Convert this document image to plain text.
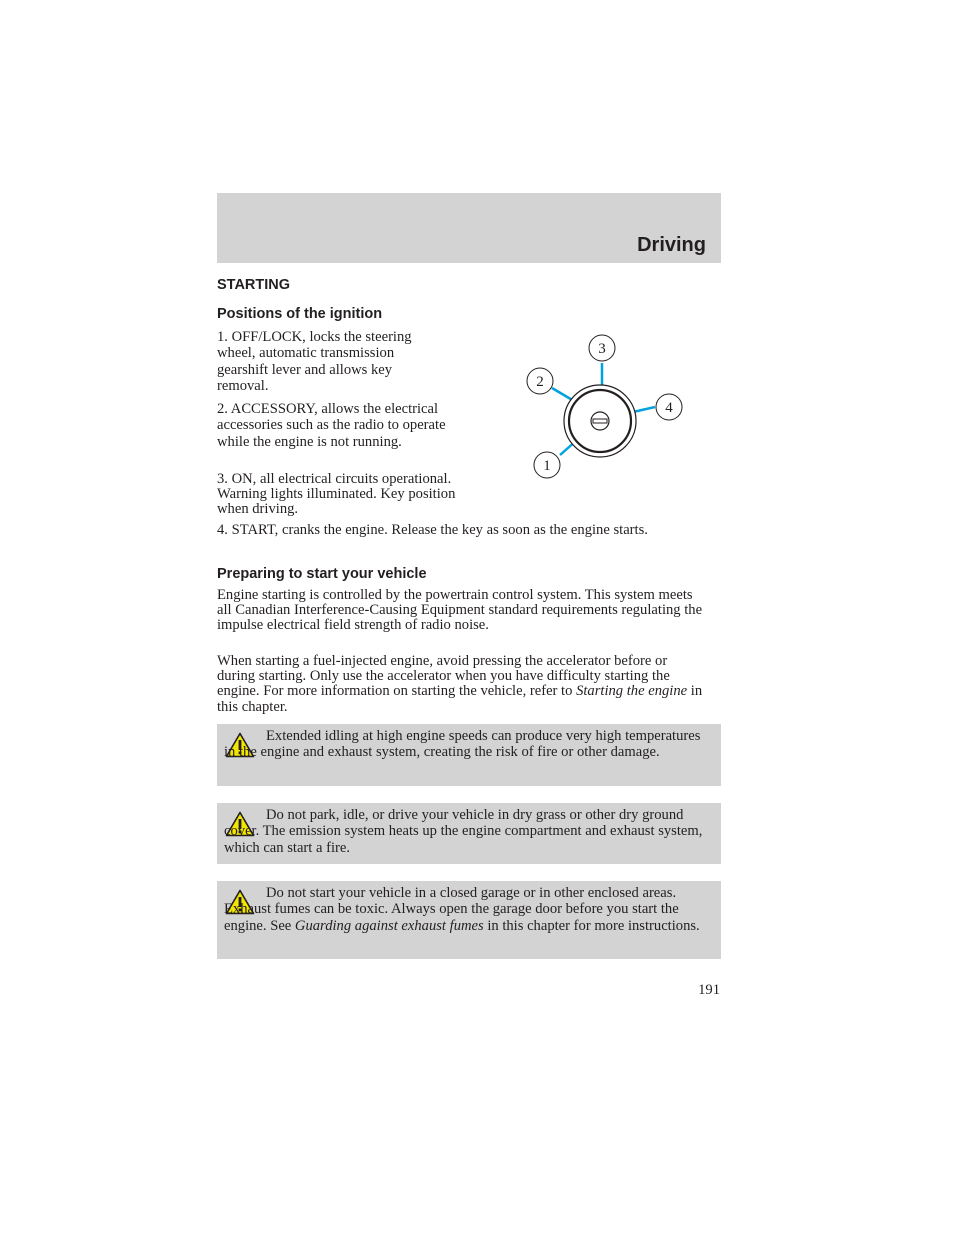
Driving
STARTING
Positions of the ignition

1. OFF/LOCK, locks the steering wheel, automatic transmission gearshift lever and allows key removal.

2. ACCESSORY, allows the electrical accessories such as the radio to operate while the engine is not running.

3. ON, all electrical circuits operational. Warning lights illuminated. Key position when driving.

4. START, cranks the engine. Release the key as soon as the engine starts.

3
2
4
1
Preparing to start your vehicle

Engine starting is controlled by the powertrain control system. This system meets all Canadian Interference-Causing Equipment standard requirements regulating the impulse electrical field strength of radio noise.

When starting a fuel-injected engine, avoid pressing the accelerator before or during starting. Only use the accelerator when you have difficulty starting the engine. For more information on starting the vehicle, refer to Starting the engine in this chapter.

Extended idling at high engine speeds can produce very high temperatures in the engine and exhaust system, creating the risk of fire or other damage.
Do not park, idle, or drive your vehicle in dry grass or other dry ground cover. The emission system heats up the engine compartment and exhaust system, which can start a fire.
Do not start your vehicle in a closed garage or in other enclosed areas. Exhaust fumes can be toxic. Always open the garage door before you start the engine. See Guarding against exhaust fumes in this chapter for more instructions.
191
